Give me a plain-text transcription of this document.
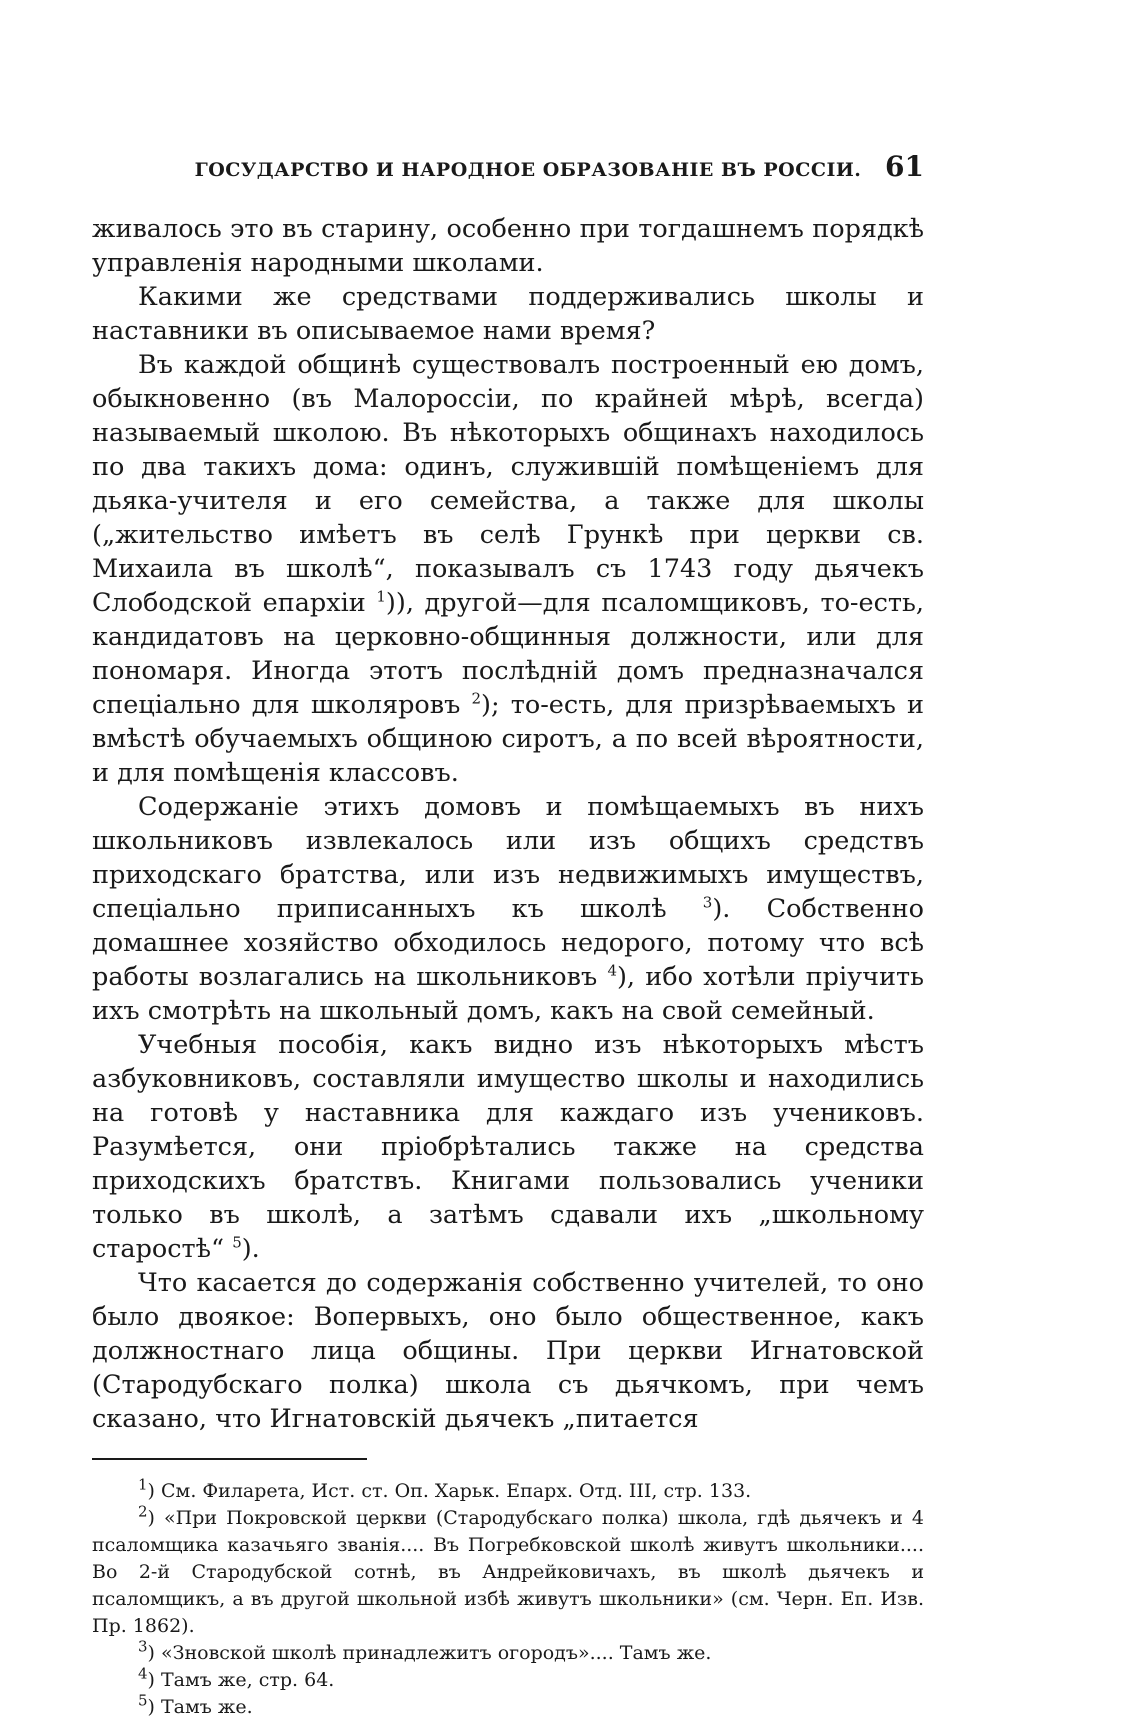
ГОСУДАРСТВО И НАРОДНОЕ ОБРАЗОВАНІЕ ВЪ РОССІИ. 61

живалось это въ старину, особенно при тогдашнемъ порядкѣ управленія народными школами.

Какими же средствами поддерживались школы и наставники въ описываемое нами время?

Въ каждой общинѣ существовалъ построенный ею домъ, обыкновенно (въ Малороссіи, по крайней мѣрѣ, всегда) называемый школою. Въ нѣкоторыхъ общинахъ находилось по два такихъ дома: одинъ, служившій помѣщеніемъ для дьяка-учителя и его семейства, а также для школы („жительство имѣетъ въ селѣ Грункѣ при церкви св. Михаила въ школѣ“, показывалъ съ 1743 году дьячекъ Слободской епархіи $^1$)), другой—для псаломщиковъ, то-есть, кандидатовъ на церковно-общинныя должности, или для пономаря. Иногда этотъ послѣдній домъ предназначался спеціально для школяровъ $^2$); то-есть, для призрѣваемыхъ и вмѣстѣ обучаемыхъ общиною сиротъ, а по всей вѣроятности, и для помѣщенія классовъ.

Содержаніе этихъ домовъ и помѣщаемыхъ въ нихъ школьниковъ извлекалось или изъ общихъ средствъ приходскаго братства, или изъ недвижимыхъ имуществъ, спеціально приписанныхъ къ школѣ $^3$). Собственно домашнее хозяйство обходилось недорого, потому что всѣ работы возлагались на школьниковъ $^4$), ибо хотѣли пріучить ихъ смотрѣть на школьный домъ, какъ на свой семейный.

Учебныя пособія, какъ видно изъ нѣкоторыхъ мѣстъ азбуковниковъ, составляли имущество школы и находились на готовѣ у наставника для каждаго изъ учениковъ. Разумѣется, они пріобрѣтались также на средства приходскихъ братствъ. Книгами пользовались ученики только въ школѣ, а затѣмъ сдавали ихъ „школьному старостѣ“ $^5$).

Что касается до содержанія собственно учителей, то оно было двоякое: Вопервыхъ, оно было общественное, какъ должностнаго лица общины. При церкви Игнатовской (Стародубскаго полка) школа съ дьячкомъ, при чемъ сказано, что Игнатовскій дьячекъ „питается

$^1$) См. Филарета, Ист. ст. Оп. Харьк. Епарх. Отд. III, стр. 133.

$^2$) «При Покровской церкви (Стародубскаго полка) школа, гдѣ дьячекъ и 4 псаломщика казачьяго званія.... Въ Погребковской школѣ живутъ школьники.... Во 2-й Стародубской сотнѣ, въ Андрейковичахъ, въ школѣ дьячекъ и псаломщикъ, а въ другой школьной избѣ живутъ школьники» (см. Черн. Еп. Изв. Пр. 1862).

$^3$) «Зновской школѣ принадлежитъ огородъ».... Тамъ же.

$^4$) Тамъ же, стр. 64.

$^5$) Тамъ же.
